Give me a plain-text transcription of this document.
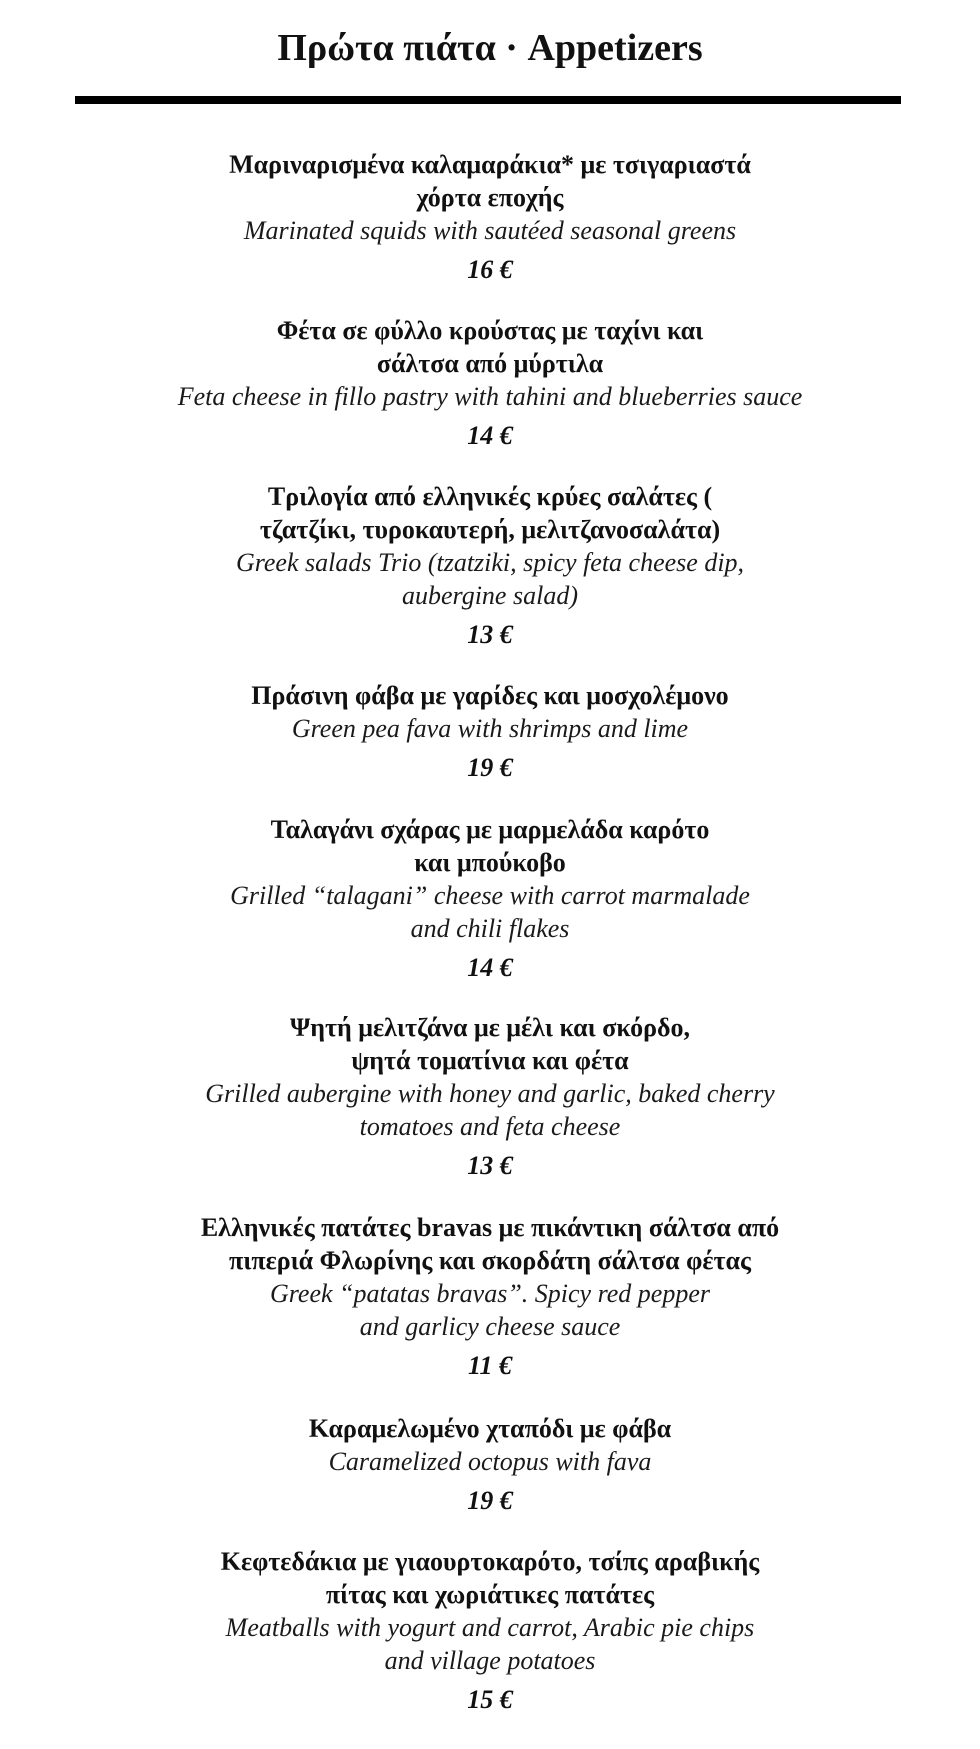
Πρώτα πιάτα · Appetizers
Μαριναρισμένα καλαμαράκια* με τσιγαριαστά
χόρτα εποχής
Marinated squids with sautéed seasonal greens
16 €
Φέτα σε φύλλο κρούστας με ταχίνι και
σάλτσα από μύρτιλα
Feta cheese in fillo pastry with tahini and blueberries sauce
14 €
Τριλογία από ελληνικές κρύες σαλάτες (
τζατζίκι, τυροκαυτερή, μελιτζανοσαλάτα)
Greek salads Trio (tzatziki, spicy feta cheese dip,
aubergine salad)
13 €
Πράσινη φάβα με γαρίδες και μοσχολέμονο
Green pea fava with shrimps and lime
19 €
Ταλαγάνι σχάρας με μαρμελάδα καρότο
και μπούκοβο
Grilled “talagani” cheese with carrot marmalade
and chili flakes
14 €
Ψητή μελιτζάνα με μέλι και σκόρδο,
ψητά τοματίνια και φέτα
Grilled aubergine with honey and garlic, baked cherry
tomatoes and feta cheese
13 €
Ελληνικές πατάτες bravas με πικάντικη σάλτσα από
πιπεριά Φλωρίνης και σκορδάτη σάλτσα φέτας
Greek “patatas bravas”. Spicy red pepper
and garlicy cheese sauce
11 €
Καραμελωμένο χταπόδι με φάβα
Caramelized octopus with fava
19 €
Κεφτεδάκια με γιαουρτοκαρότο, τσίπς αραβικής
πίτας και χωριάτικες πατάτες
Meatballs with yogurt and carrot, Arabic pie chips
and village potatoes
15 €
